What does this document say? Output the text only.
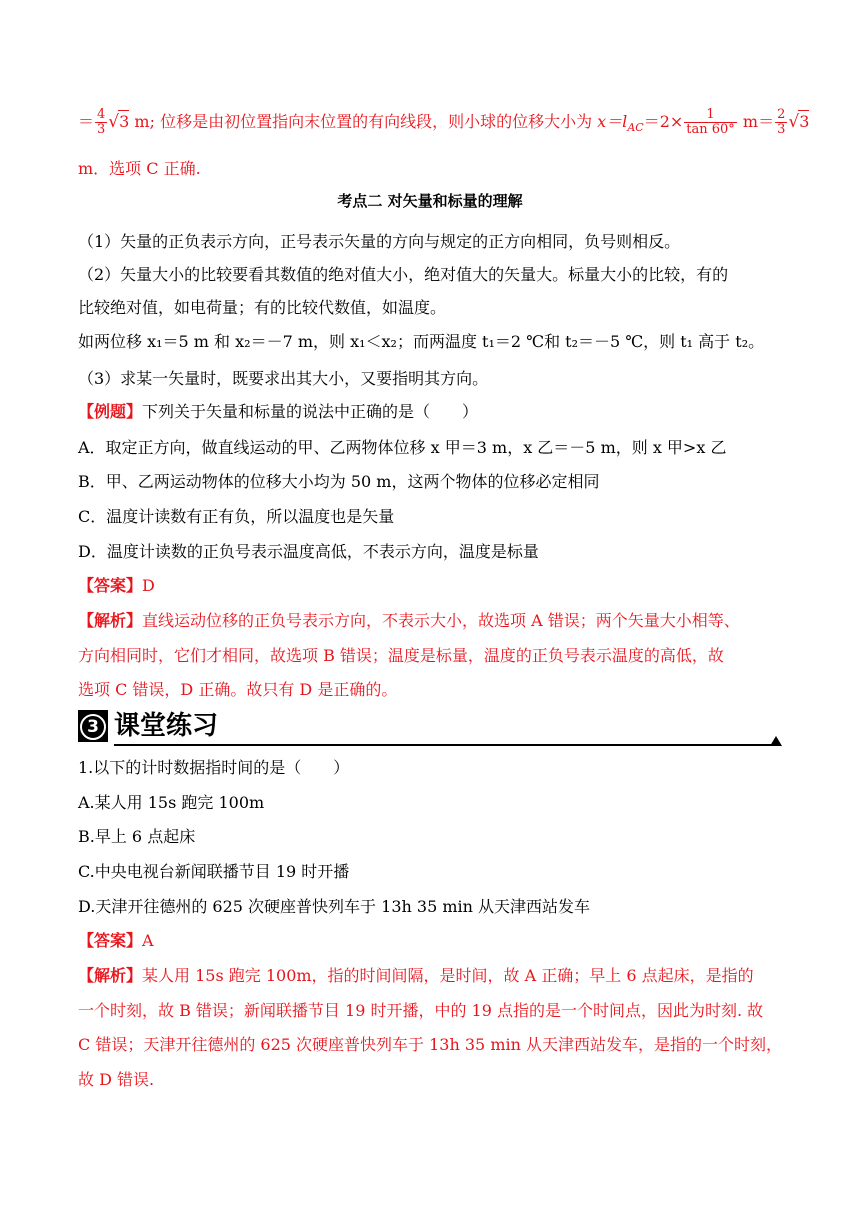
＝ $\frac{4}{3} √3$ m; 位移是由初位置指向末位置的有向线段，则小球的位移大小为 $x=l_{AC}=2\times \frac{1}{\tan 60^\circ} m= \frac{2}{3} √3$
m．选项 C 正确.
考点二 对矢量和标量的理解
（1）矢量的正负表示方向，正号表示矢量的方向与规定的正方向相同，负号则相反。
（2）矢量大小的比较要看其数值的绝对值大小，绝对值大的矢量大。标量大小的比较，有的
比较绝对值，如电荷量；有的比较代数值，如温度。
如两位移 x₁＝5 m 和 x₂＝－7 m，则 x₁＜x₂；而两温度 t₁＝2 ℃和 t₂＝－5 ℃，则 t₁ 高于 t₂。
（3）求某一矢量时，既要求出其大小，又要指明其方向。
【例题】下列关于矢量和标量的说法中正确的是（　　）
A．取定正方向，做直线运动的甲、乙两物体位移 x 甲＝3 m，x 乙＝－5 m，则 x 甲>x 乙
B．甲、乙两运动物体的位移大小均为 50 m，这两个物体的位移必定相同
C．温度计读数有正有负，所以温度也是矢量
D．温度计读数的正负号表示温度高低，不表示方向，温度是标量
【答案】D
【解析】直线运动位移的正负号表示方向，不表示大小，故选项 A 错误；两个矢量大小相等、
方向相同时，它们才相同，故选项 B 错误；温度是标量，温度的正负号表示温度的高低，故
选项 C 错误，D 正确。故只有 D 是正确的。
3 课堂练习
1.以下的计时数据指时间的是（　　）
A.某人用 15s 跑完 100m
B.早上 6 点起床
C.中央电视台新闻联播节目 19 时开播
D.天津开往德州的 625 次硬座普快列车于 13h 35 min 从天津西站发车
【答案】A
【解析】某人用 15s 跑完 100m，指的时间间隔，是时间，故 A 正确；早上 6 点起床，是指的
一个时刻，故 B 错误；新闻联播节目 19 时开播，中的 19 点指的是一个时间点，因此为时刻. 故
C 错误；天津开往德州的 625 次硬座普快列车于 13h 35 min 从天津西站发车，是指的一个时刻，
故 D 错误.
